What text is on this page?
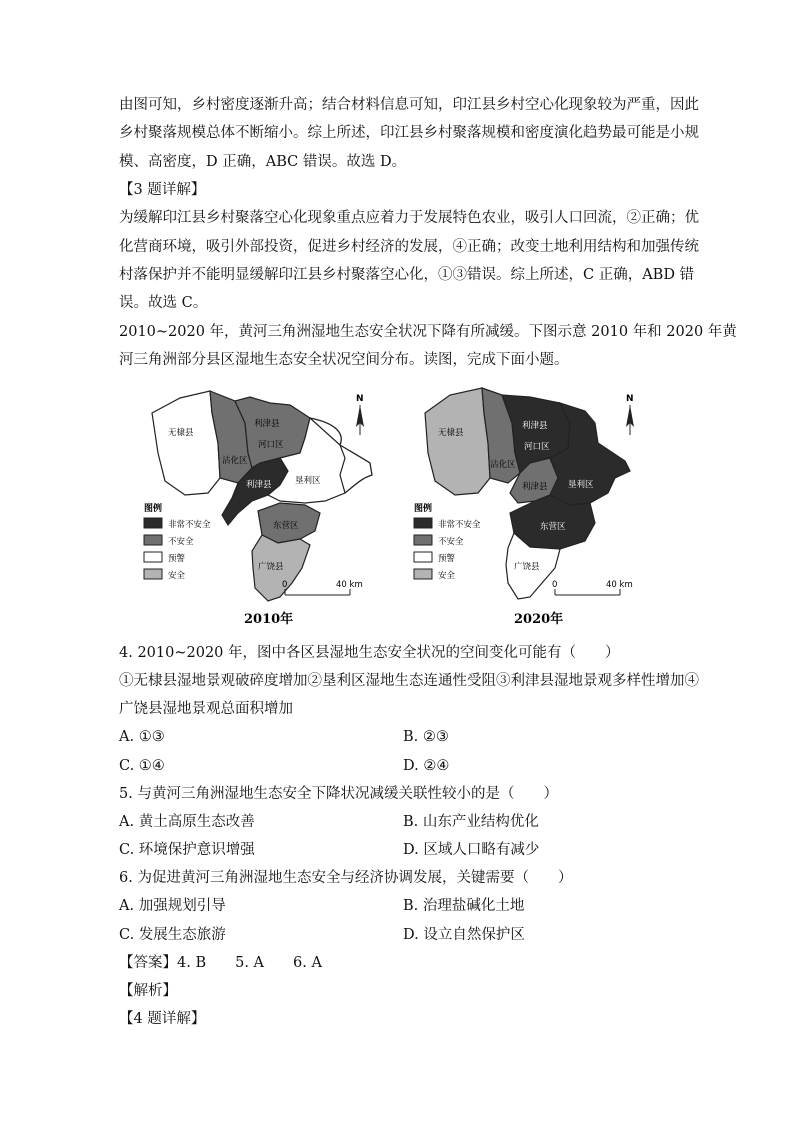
由图可知，乡村密度逐渐升高；结合材料信息可知，印江县乡村空心化现象较为严重，因此
乡村聚落规模总体不断缩小。综上所述，印江县乡村聚落规模和密度演化趋势最可能是小规
模、高密度，D 正确，ABC 错误。故选 D。
【3 题详解】
为缓解印江县乡村聚落空心化现象重点应着力于发展特色农业，吸引人口回流，②正确；优
化营商环境，吸引外部投资，促进乡村经济的发展，④正确；改变土地利用结构和加强传统
村落保护并不能明显缓解印江县乡村聚落空心化，①③错误。综上所述，C 正确，ABD 错
误。故选 C。
2010~2020 年，黄河三角洲湿地生态安全状况下降有所减缓。下图示意 2010 年和 2020 年黄
河三角洲部分县区湿地生态安全状况空间分布。读图，完成下面小题。
无棣县
利津县
河口区
沾化区
利津县	垦利区
东营区
广饶县
N
图例
非常不安全
不安全
预警
安全
0	40 km
2010年
无棣县
利津县
河口区
沾化区
利津县 垦利区
东营区
广饶县
N
图例
非常不安全
不安全
预警
安全
0	40 km
2020年
4. 2010~2020 年，图中各区县湿地生态安全状况的空间变化可能有（　　）
①无棣县湿地景观破碎度增加②垦利区湿地生态连通性受阻③利津县湿地景观多样性增加④
广饶县湿地景观总面积增加
A. ①③	B. ②③
C. ①④	D. ②④
5. 与黄河三角洲湿地生态安全下降状况减缓关联性较小的是（　　）
A. 黄土高原生态改善	B. 山东产业结构优化
C. 环境保护意识增强	D. 区域人口略有减少
6. 为促进黄河三角洲湿地生态安全与经济协调发展，关键需要（　　）
A. 加强规划引导	B. 治理盐碱化土地
C. 发展生态旅游	D. 设立自然保护区
【答案】4. B　　5. A　　6. A
【解析】
【4 题详解】
